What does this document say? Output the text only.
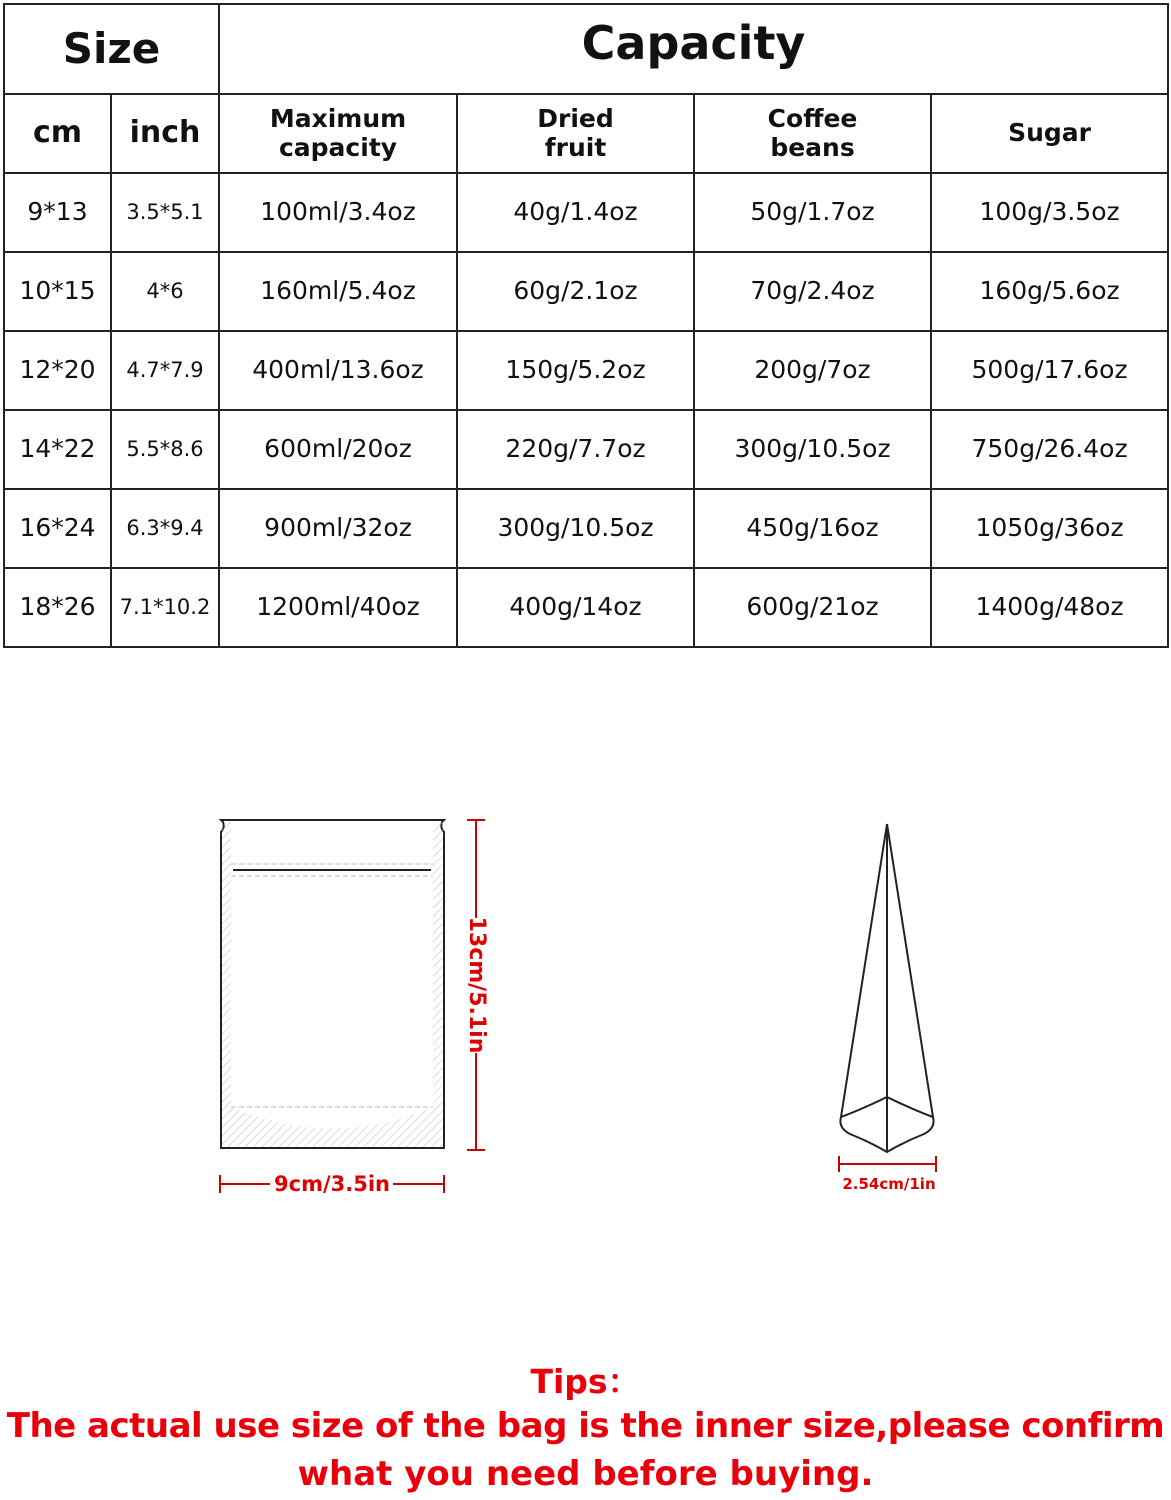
Size		Capacity			
cm	inch	Maximum capacity	Dried fruit	Coffee beans	Sugar
9*13	3.5*5.1	100ml/3.4oz	40g/1.4oz	50g/1.7oz	100g/3.5oz
10*15	4*6	160ml/5.4oz	60g/2.1oz	70g/2.4oz	160g/5.6oz
12*20	4.7*7.9	400ml/13.6oz	150g/5.2oz	200g/7oz	500g/17.6oz
14*22	5.5*8.6	600ml/20oz	220g/7.7oz	300g/10.5oz	750g/26.4oz
16*24	6.3*9.4	900ml/32oz	300g/10.5oz	450g/16oz	1050g/36oz
18*26	7.1*10.2	1200ml/40oz	400g/14oz	600g/21oz	1400g/48oz
13cm/5.1in
9cm/3.5in	2.54cm/1in
Tips：
The actual use size of the bag is the inner size,please confirm
what you need before buying.
